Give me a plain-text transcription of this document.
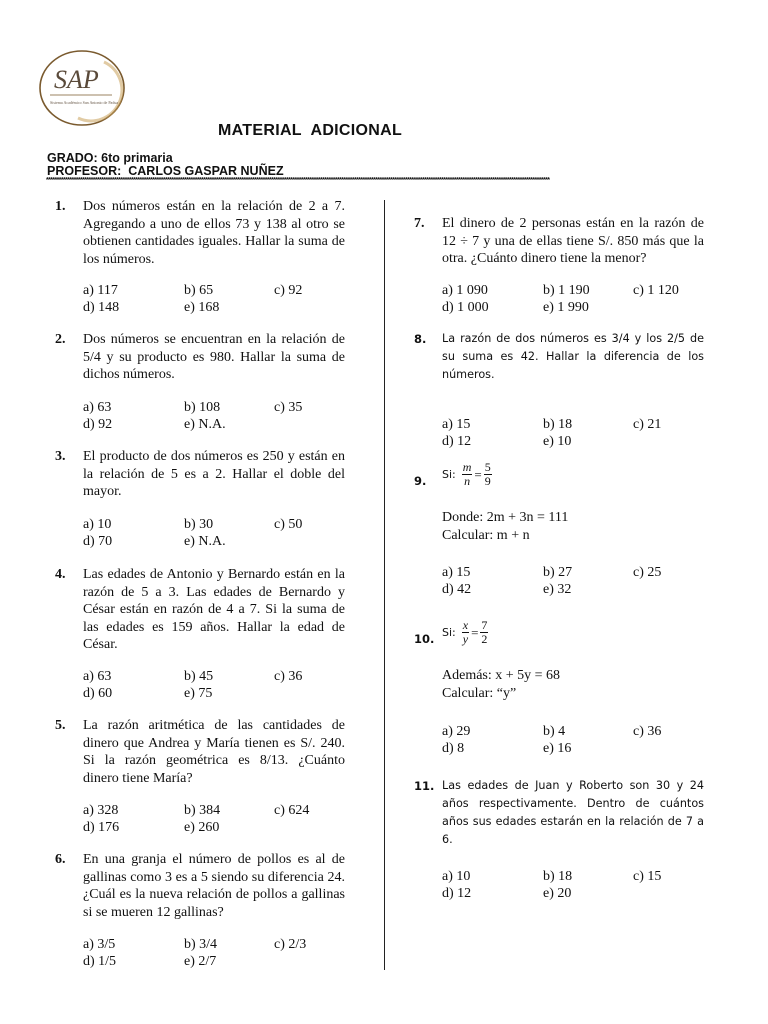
SAP
Sistema Académico San Antonio de Padua
MATERIAL  ADICIONAL
GRADO: 6to primaria
PROFESOR:  CARLOS GASPAR NUÑEZ
*********************************************************************************************************************************************************************************************************************************************
1.	Dos números están en la relación de 2 a 7. Agregando a uno de ellos 73 y 138 al otro se obtienen cantidades iguales. Hallar la suma de los números.
a) 117	b) 65	c) 92
d) 148	e) 168
2.	Dos números se encuentran en la relación de 5/4 y su producto es 980. Hallar la suma de dichos números.
a) 63	b) 108	c) 35
d) 92	e) N.A.
3.	El producto de dos números es 250 y están en la relación de 5 es a 2. Hallar el doble del mayor.
a) 10	b) 30	c) 50
d) 70	e) N.A.
4.	Las edades de Antonio y Bernardo están en la razón de 5 a 3. Las edades de Bernardo y César están en razón de 4 a 7. Si la suma de las edades es 159 años. Hallar la edad de César.
a) 63	b) 45	c) 36
d) 60	e) 75
5.	La razón aritmética de las cantidades de dinero que Andrea y María tienen es S/. 240. Si la razón geométrica es 8/13. ¿Cuánto dinero tiene María?
a) 328	b) 384	c) 624
d) 176	e) 260
6.	En una granja el número de pollos es al de gallinas como 3 es a 5 siendo su diferencia 24. ¿Cuál es la nueva relación de pollos a gallinas si se mueren 12 gallinas?
a) 3/5	b) 3/4	c) 2/3
d) 1/5	e) 2/7
7.	El dinero de 2 personas están en la razón de 12 ÷ 7 y una de ellas tiene S/. 850 más que la otra. ¿Cuánto dinero tiene la menor?
a) 1 090	b) 1 190	c) 1 120
d) 1 000	e) 1 990
8.	La razón de dos números es 3/4 y los 2/5 de su suma es 42. Hallar la diferencia de los números.
a) 15	b) 18	c) 21
d) 12	e) 10
9.	Si: $\frac{m}{n} = \frac{5}{9}$
Donde: 2m + 3n = 111
Calcular: m + n
a) 15	b) 27	c) 25
d) 42	e) 32
10. Si: $\frac{x}{y} = \frac{7}{2}$
Además: x + 5y = 68
Calcular: “y”
a) 29	b) 4	c) 36
d) 8	e) 16
11. Las edades de Juan y Roberto son 30 y 24 años respectivamente. Dentro de cuántos años sus edades estarán en la relación de 7 a 6.
a) 10	b) 18	c) 15
d) 12	e) 20
